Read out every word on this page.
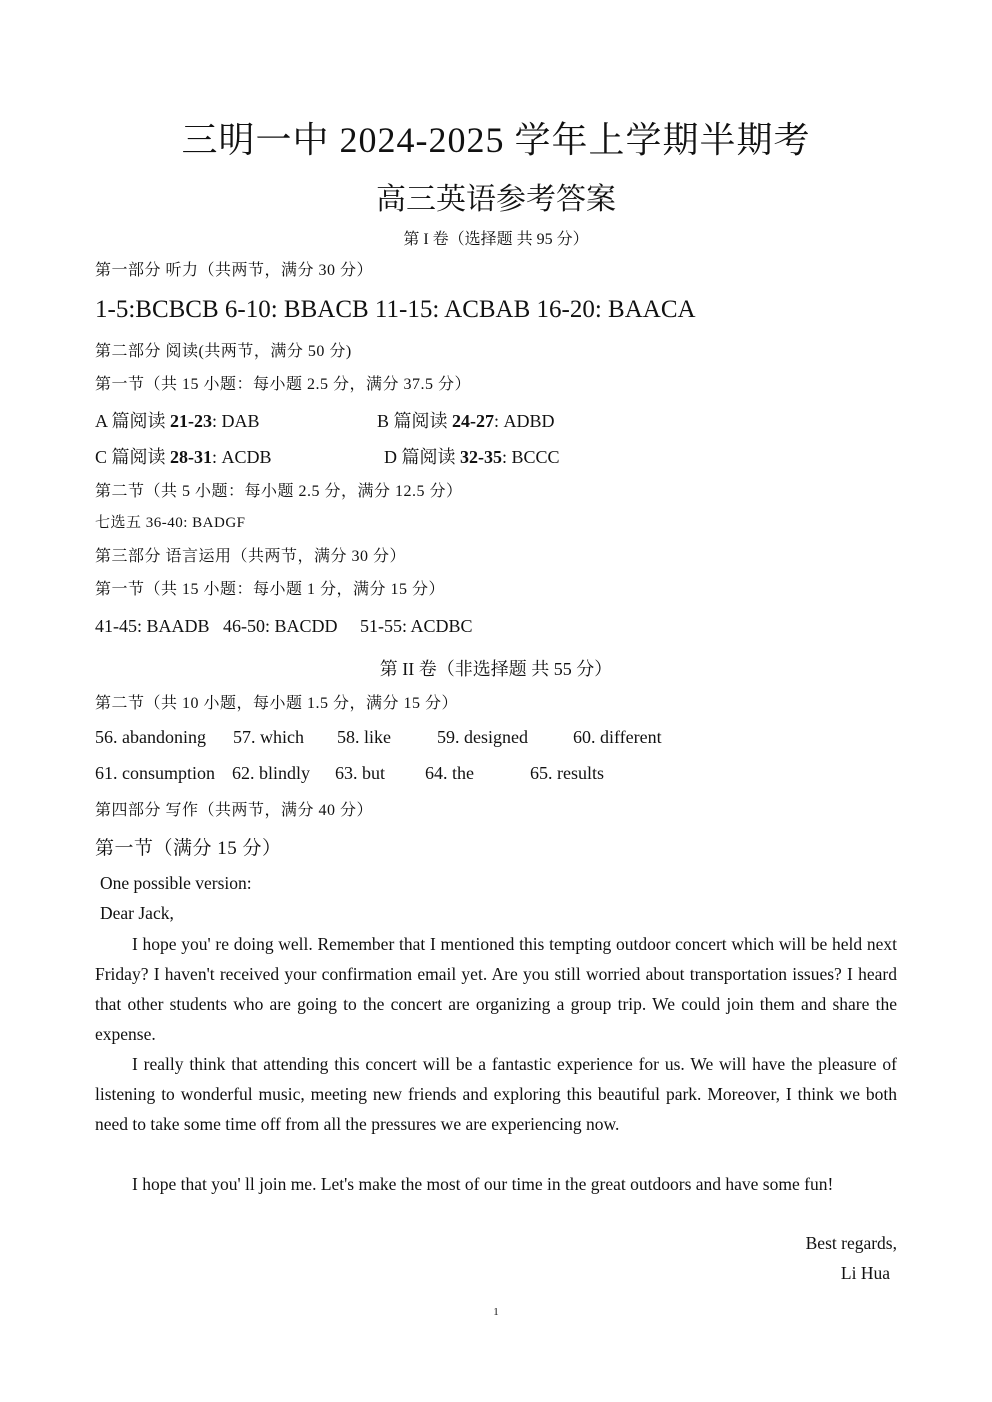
三明一中 2024-2025 学年上学期半期考
高三英语参考答案
第 I 卷（选择题 共 95 分）
第一部分 听力（共两节，满分 30 分）
1-5:BCBCB 6-10: BBACB 11-15: ACBAB 16-20: BAACA
第二部分 阅读(共两节，满分 50 分)
第一节（共 15 小题：每小题 2.5 分，满分 37.5 分）
A 篇阅读 21-23: DAB	B 篇阅读 24-27: ADBD
C 篇阅读 28-31: ACDB	D 篇阅读 32-35: BCCC
第二节（共 5 小题：每小题 2.5 分，满分 12.5 分）
七选五 36-40: BADGF
第三部分 语言运用（共两节，满分 30 分）
第一节（共 15 小题：每小题 1 分，满分 15 分）
41-45: BAADB   46-50: BACDD     51-55: ACDBC
第 II 卷（非选择题 共 55 分）
第二节（共 10 小题，每小题 1.5 分，满分 15 分）
56. abandoning 57. which 58. like	59. designed	60. different
61. consumption 62. blindly 63. but 64. the	65. results
第四部分 写作（共两节，满分 40 分）
第一节（满分 15 分）
One possible version:
Dear Jack,
I hope you' re doing well. Remember that I mentioned this tempting outdoor concert which will be held next Friday? I haven't received your confirmation email yet. Are you still worried about transportation issues? I heard that other students who are going to the concert are organizing a group trip. We could join them and share the expense.
I really think that attending this concert will be a fantastic experience for us. We will have the pleasure of listening to wonderful music, meeting new friends and exploring this beautiful park. Moreover, I think we both need to take some time off from all the pressures we are experiencing now.
I hope that you' ll join me. Let's make the most of our time in the great outdoors and have some fun!
Best regards,
Li Hua
1
